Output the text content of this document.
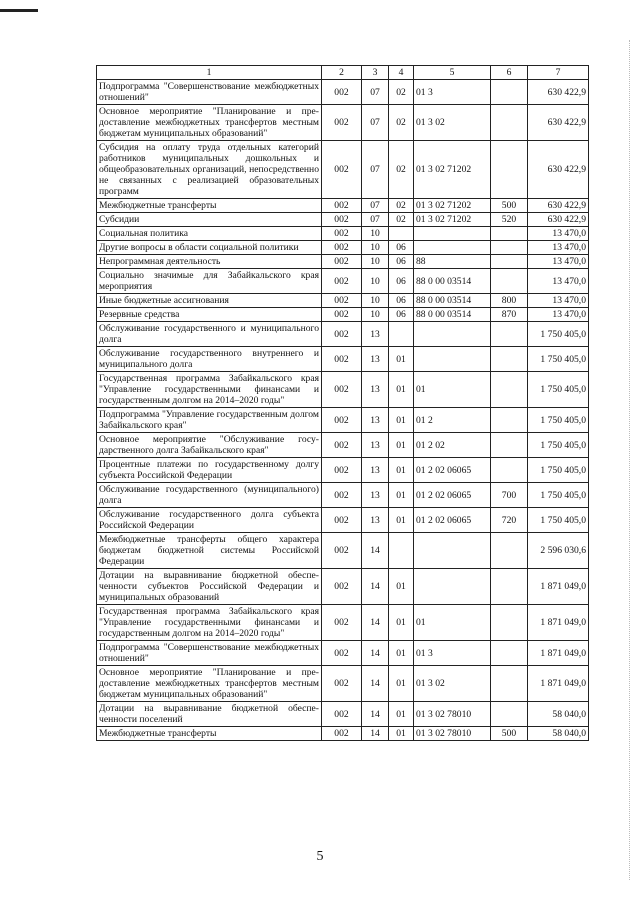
1	2	3	4	5	6	7
Подпрограмма "Совершенствование межбюджетных отношений"	002	07	02	01 3		630 422,9
Основное мероприятие "Планирование и предоставление межбюджетных трансфертов местным бюджетам муниципальных образований"	002	07	02	01 3 02		630 422,9
Субсидия на оплату труда отдельных категорий работников муниципальных дошкольных и общеобразовательных организаций, непосредственно не связанных с реализацией образовательных программ	002	07	02	01 3 02 71202		630 422,9
Межбюджетные трансферты	002	07	02	01 3 02 71202	500	630 422,9
Субсидии	002	07	02	01 3 02 71202	520	630 422,9
Социальная политика	002	10				13 470,0
Другие вопросы в области социальной политики	002	10	06			13 470,0
Непрограммная деятельность	002	10	06	88		13 470,0
Социально значимые для Забайкальского края мероприятия	002	10	06	88 0 00 03514		13 470,0
Иные бюджетные ассигнования	002	10	06	88 0 00 03514	800	13 470,0
Резервные средства	002	10	06	88 0 00 03514	870	13 470,0
Обслуживание государственного и муниципального долга	002	13				1 750 405,0
Обслуживание государственного внутреннего и муниципального долга	002	13	01			1 750 405,0
Государственная программа Забайкальского края "Управление государственными финансами и государственным долгом на 2014–2020 годы"	002	13	01	01		1 750 405,0
Подпрограмма "Управление государственным долгом Забайкальского края"	002	13	01	01 2		1 750 405,0
Основное мероприятие "Обслуживание государственного долга Забайкальского края"	002	13	01	01 2 02		1 750 405,0
Процентные платежи по государственному долгу субъекта Российской Федерации	002	13	01	01 2 02 06065		1 750 405,0
Обслуживание государственного (муниципального) долга	002	13	01	01 2 02 06065	700	1 750 405,0
Обслуживание государственного долга субъекта Российской Федерации	002	13	01	01 2 02 06065	720	1 750 405,0
Межбюджетные трансферты общего характера бюджетам бюджетной системы Российской Федерации	002	14				2 596 030,6
Дотации на выравнивание бюджетной обеспеченности субъектов Российской Федерации и муниципальных образований	002	14	01			1 871 049,0
Государственная программа Забайкальского края "Управление государственными финансами и государственным долгом на 2014–2020 годы"	002	14	01	01		1 871 049,0
Подпрограмма "Совершенствование межбюджетных отношений"	002	14	01	01 3		1 871 049,0
Основное мероприятие "Планирование и предоставление межбюджетных трансфертов местным бюджетам муниципальных образований"	002	14	01	01 3 02		1 871 049,0
Дотации на выравнивание бюджетной обеспеченности поселений	002	14	01	01 3 02 78010		58 040,0
Межбюджетные трансферты	002	14	01	01 3 02 78010	500	58 040,0
5
